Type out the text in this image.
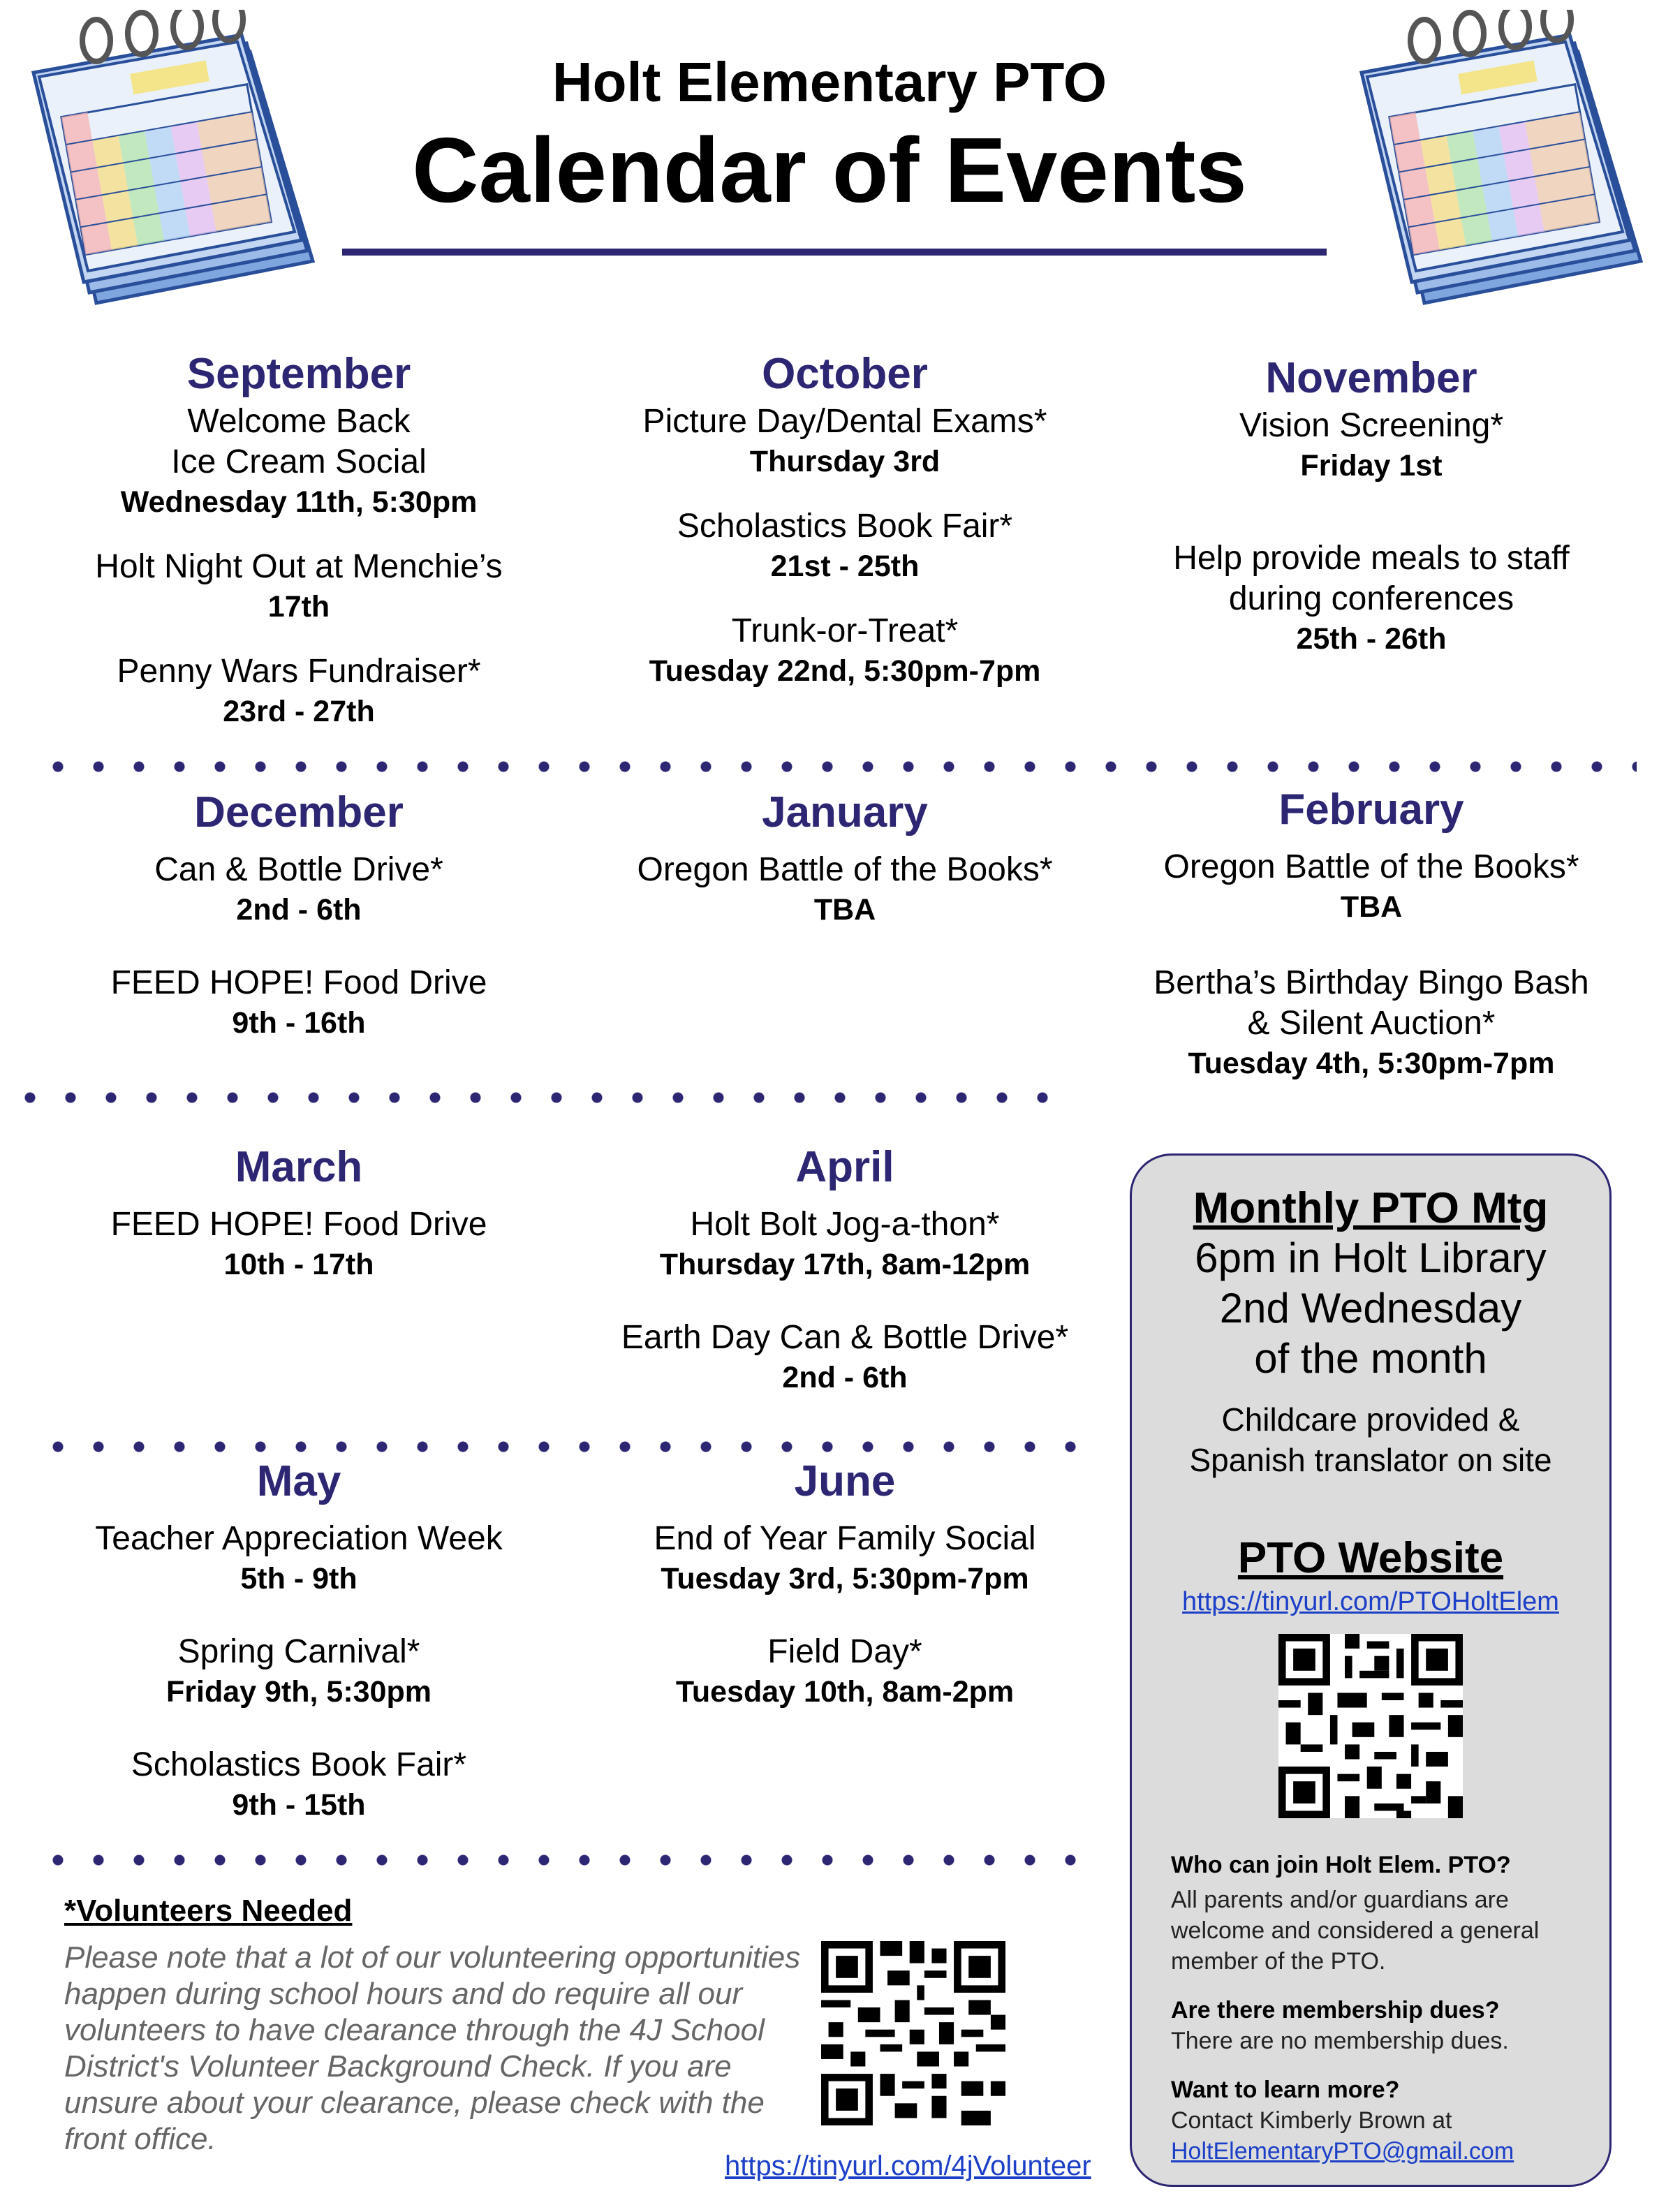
Holt Elementary PTO
Calendar of Events
September
Welcome Back
Ice Cream Social
Wednesday 11th, 5:30pm
Holt Night Out at Menchie’s
17th
Penny Wars Fundraiser*
23rd - 27th
October
Picture Day/Dental Exams*
Thursday 3rd
Scholastics Book Fair*
21st - 25th
Trunk-or-Treat*
Tuesday 22nd, 5:30pm-7pm
November
Vision Screening*
Friday 1st
Help provide meals to staff
during conferences
25th - 26th
December
Can & Bottle Drive*
2nd - 6th
FEED HOPE! Food Drive
9th - 16th
January
Oregon Battle of the Books*
TBA
February
Oregon Battle of the Books*
TBA
Bertha’s Birthday Bingo Bash
& Silent Auction*
Tuesday 4th, 5:30pm-7pm
March
FEED HOPE! Food Drive
10th - 17th
April
Holt Bolt Jog-a-thon*
Thursday 17th, 8am-12pm
Earth Day Can & Bottle Drive*
2nd - 6th
May
Teacher Appreciation Week
5th - 9th
Spring Carnival*
Friday 9th, 5:30pm
Scholastics Book Fair*
9th - 15th
June
End of Year Family Social
Tuesday 3rd, 5:30pm-7pm
Field Day*
Tuesday 10th, 8am-2pm
Monthly PTO Mtg
6pm in Holt Library
2nd Wednesday
of the month
Childcare provided &
Spanish translator on site
PTO Website
https://tinyurl.com/PTOHoltElem
Who can join Holt Elem. PTO?
All parents and/or guardians are welcome and considered a general member of the PTO.
Are there membership dues?
There are no membership dues.
Want to learn more?
Contact Kimberly Brown at
HoltElementaryPTO@gmail.com
*Volunteers Needed
Please note that a lot of our volunteering opportunities happen during school hours and do require all our volunteers to have clearance through the 4J School District's Volunteer Background Check. If you are unsure about your clearance, please check with the front office.
https://tinyurl.com/4jVolunteer
